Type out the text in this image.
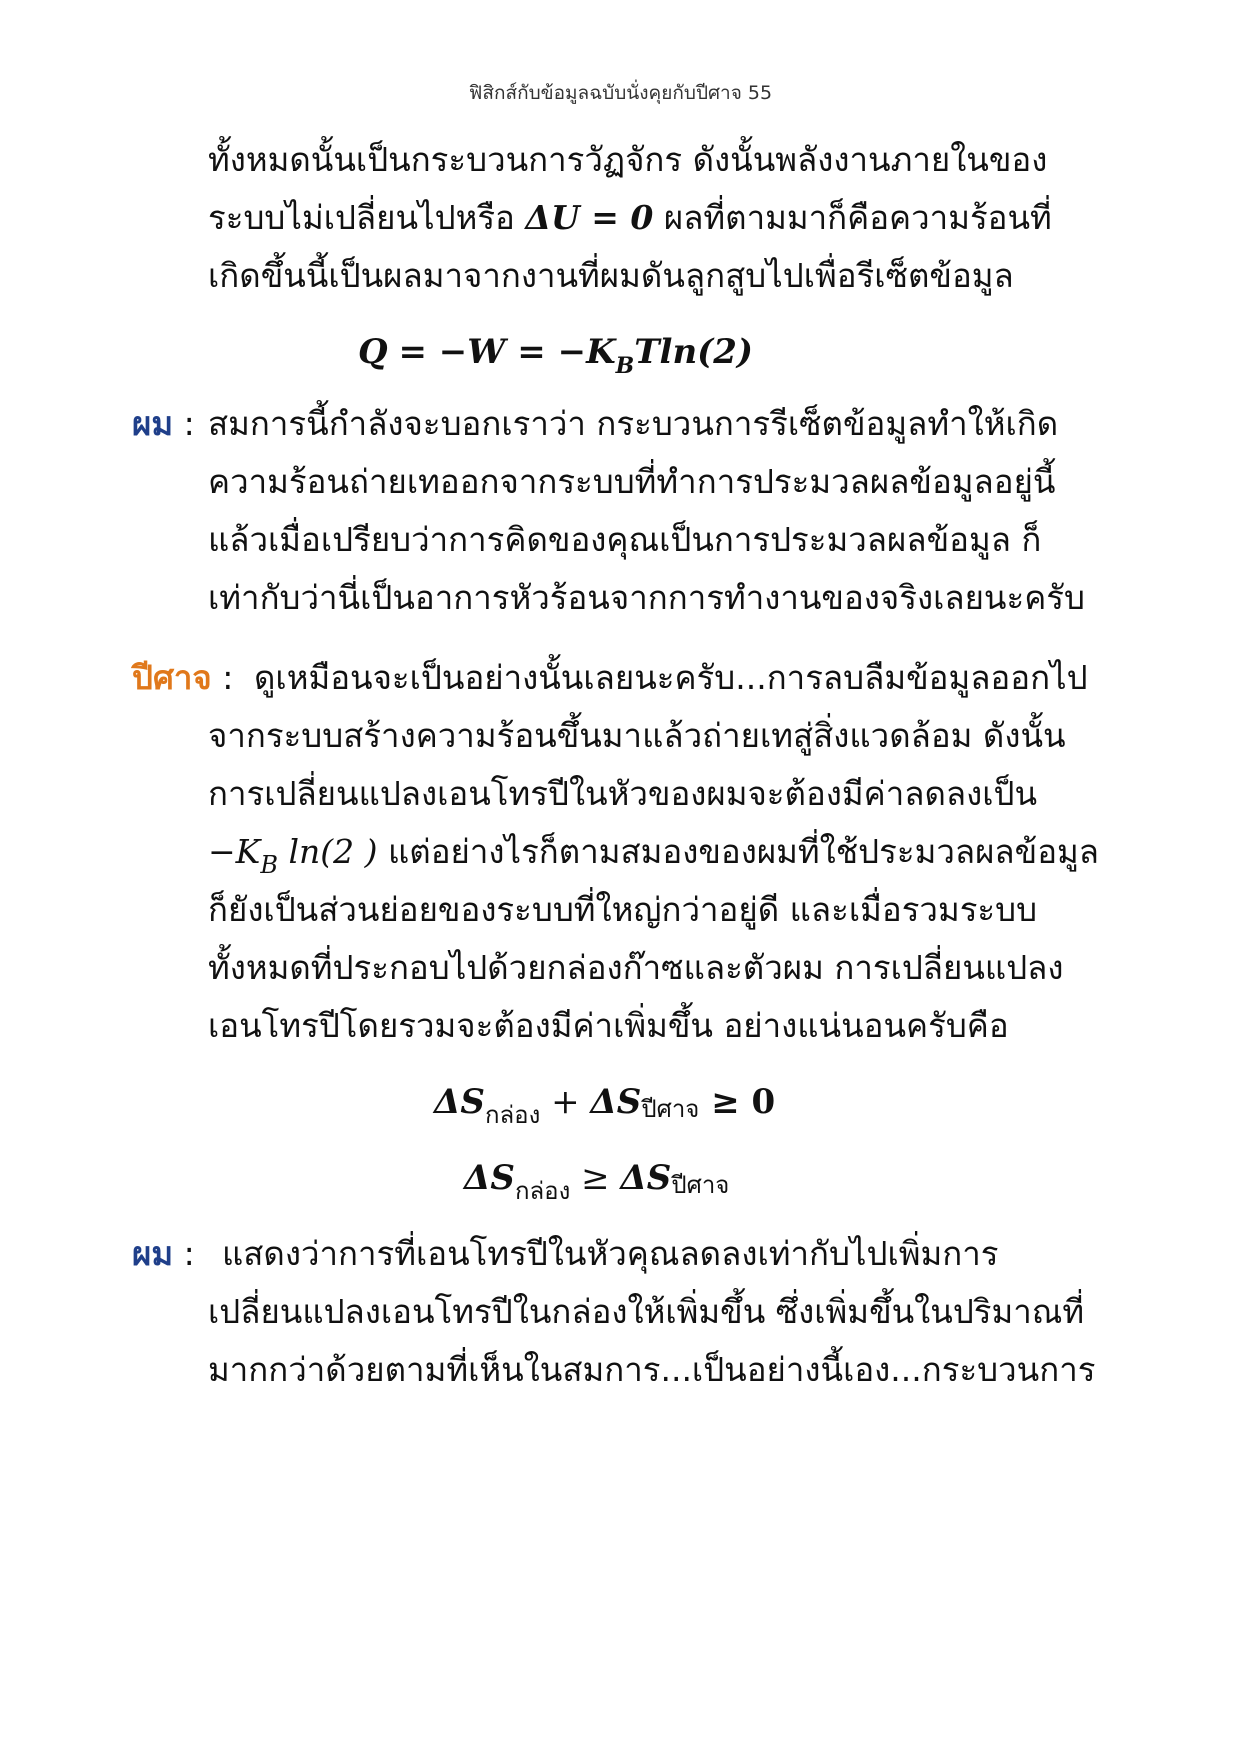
ฟิสิกส์กับข้อมูลฉบับนั่งคุยกับปีศาจ 55
ทั้งหมดนั้นเป็นกระบวนการวัฏจักร ดังนั้นพลังงานภายในของ
ระบบไม่เปลี่ยนไปหรือ ΔU = 0 ผลที่ตามมาก็คือความร้อนที่
เกิดขึ้นนี้เป็นผลมาจากงานที่ผมดันลูกสูบไปเพื่อรีเซ็ตข้อมูล
$Q = -W = -K_BTln(2)$
ผม : สมการนี้กำลังจะบอกเราว่า กระบวนการรีเซ็ตข้อมูลทำให้เกิด
ความร้อนถ่ายเทออกจากระบบที่ทำการประมวลผลข้อมูลอยู่นี้
แล้วเมื่อเปรียบว่าการคิดของคุณเป็นการประมวลผลข้อมูล ก็
เท่ากับว่านี่เป็นอาการหัวร้อนจากการทำงานของจริงเลยนะครับ
ปีศาจ : ดูเหมือนจะเป็นอย่างนั้นเลยนะครับ...การลบลืมข้อมูลออกไป
จากระบบสร้างความร้อนขึ้นมาแล้วถ่ายเทสู่สิ่งแวดล้อม ดังนั้น
การเปลี่ยนแปลงเอนโทรปีในหัวของผมจะต้องมีค่าลดลงเป็น
$-K_B$ ln(2 ) แต่อย่างไรก็ตามสมองของผมที่ใช้ประมวลผลข้อมูล
ก็ยังเป็นส่วนย่อยของระบบที่ใหญ่กว่าอยู่ดี และเมื่อรวมระบบ
ทั้งหมดที่ประกอบไปด้วยกล่องก๊าซและตัวผม การเปลี่ยนแปลง
เอนโทรปีโดยรวมจะต้องมีค่าเพิ่มขึ้น อย่างแน่นอนครับคือ
$\Delta S_{กล่อง} + \Delta S$ปีศาจ ≥ 0
$\Delta S_{กล่อง} \ge \Delta S$ปีศาจ
ผม : แสดงว่าการที่เอนโทรปีในหัวคุณลดลงเท่ากับไปเพิ่มการ
เปลี่ยนแปลงเอนโทรปีในกล่องให้เพิ่มขึ้น ซึ่งเพิ่มขึ้นในปริมาณที่
มากกว่าด้วยตามที่เห็นในสมการ...เป็นอย่างนี้เอง...กระบวนการ
